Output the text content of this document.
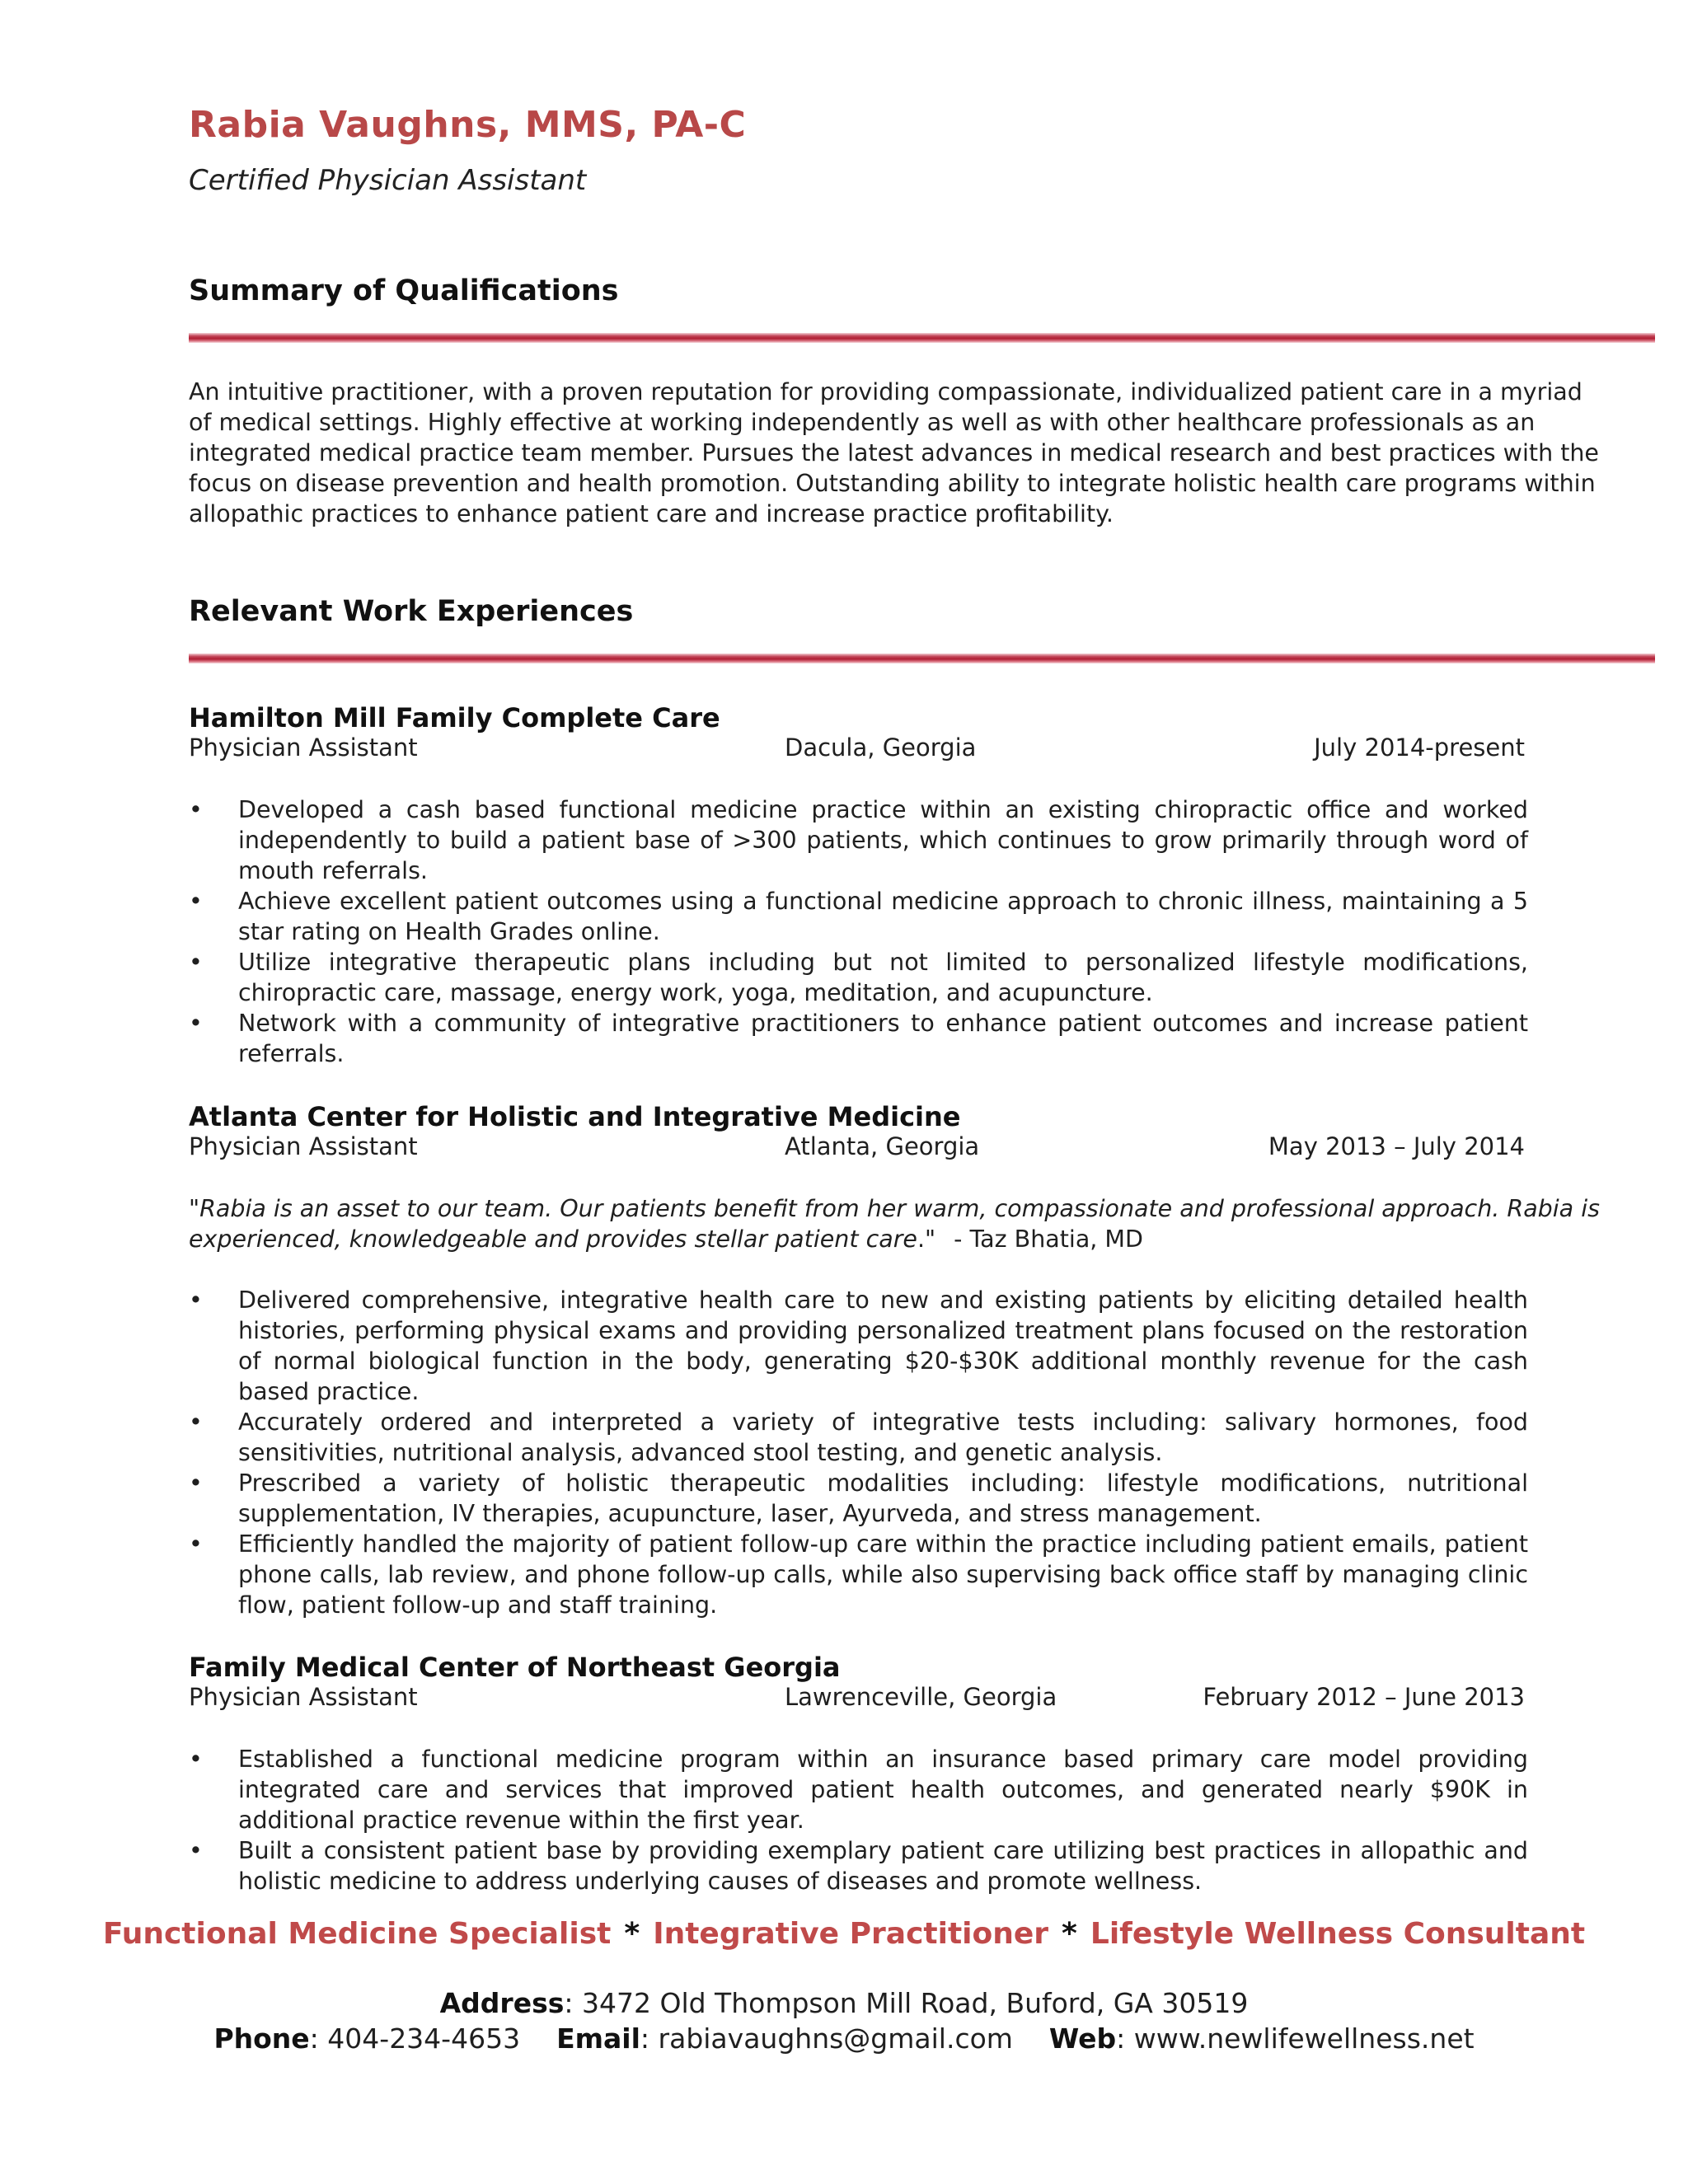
Rabia Vaughns, MMS, PA-C
Certified Physician Assistant
Summary of Qualifications
An intuitive practitioner, with a proven reputation for providing compassionate, individualized patient care in a myriad of medical settings. Highly effective at working independently as well as with other healthcare professionals as an integrated medical practice team member. Pursues the latest advances in medical research and best practices with the focus on disease prevention and health promotion. Outstanding ability to integrate holistic health care programs within allopathic practices to enhance patient care and increase practice profitability.
Relevant Work Experiences
Hamilton Mill Family Complete Care
Physician Assistant	Dacula, Georgia	July 2014-present
•	Developed a cash based functional medicine practice within an existing chiropractic office and worked independently to build a patient base of >300 patients, which continues to grow primarily through word of mouth referrals.
•	Achieve excellent patient outcomes using a functional medicine approach to chronic illness, maintaining a 5 star rating on Health Grades online.
•	Utilize integrative therapeutic plans including but not limited to personalized lifestyle modifications, chiropractic care, massage, energy work, yoga, meditation, and acupuncture.
•	Network with a community of integrative practitioners to enhance patient outcomes and increase patient referrals.
Atlanta Center for Holistic and Integrative Medicine
Physician Assistant	Atlanta, Georgia	May 2013 – July 2014
"Rabia is an asset to our team. Our patients benefit from her warm, compassionate and professional approach. Rabia is experienced, knowledgeable and provides stellar patient care." - Taz Bhatia, MD
•	Delivered comprehensive, integrative health care to new and existing patients by eliciting detailed health histories, performing physical exams and providing personalized treatment plans focused on the restoration of normal biological function in the body, generating $20-$30K additional monthly revenue for the cash based practice.
•	Accurately ordered and interpreted a variety of integrative tests including: salivary hormones, food sensitivities, nutritional analysis, advanced stool testing, and genetic analysis.
•	Prescribed a variety of holistic therapeutic modalities including: lifestyle modifications, nutritional supplementation, IV therapies, acupuncture, laser, Ayurveda, and stress management.
•	Efficiently handled the majority of patient follow-up care within the practice including patient emails, patient phone calls, lab review, and phone follow-up calls, while also supervising back office staff by managing clinic flow, patient follow-up and staff training.
Family Medical Center of Northeast Georgia
Physician Assistant	Lawrenceville, Georgia	February 2012 – June 2013
•	Established a functional medicine program within an insurance based primary care model providing integrated care and services that improved patient health outcomes, and generated nearly $90K in additional practice revenue within the first year.
•	Built a consistent patient base by providing exemplary patient care utilizing best practices in allopathic and holistic medicine to address underlying causes of diseases and promote wellness.
Functional Medicine Specialist * Integrative Practitioner * Lifestyle Wellness Consultant
Address: 3472 Old Thompson Mill Road, Buford, GA 30519
Phone: 404-234-4653 Email: rabiavaughns@gmail.com Web: www.newlifewellness.net
